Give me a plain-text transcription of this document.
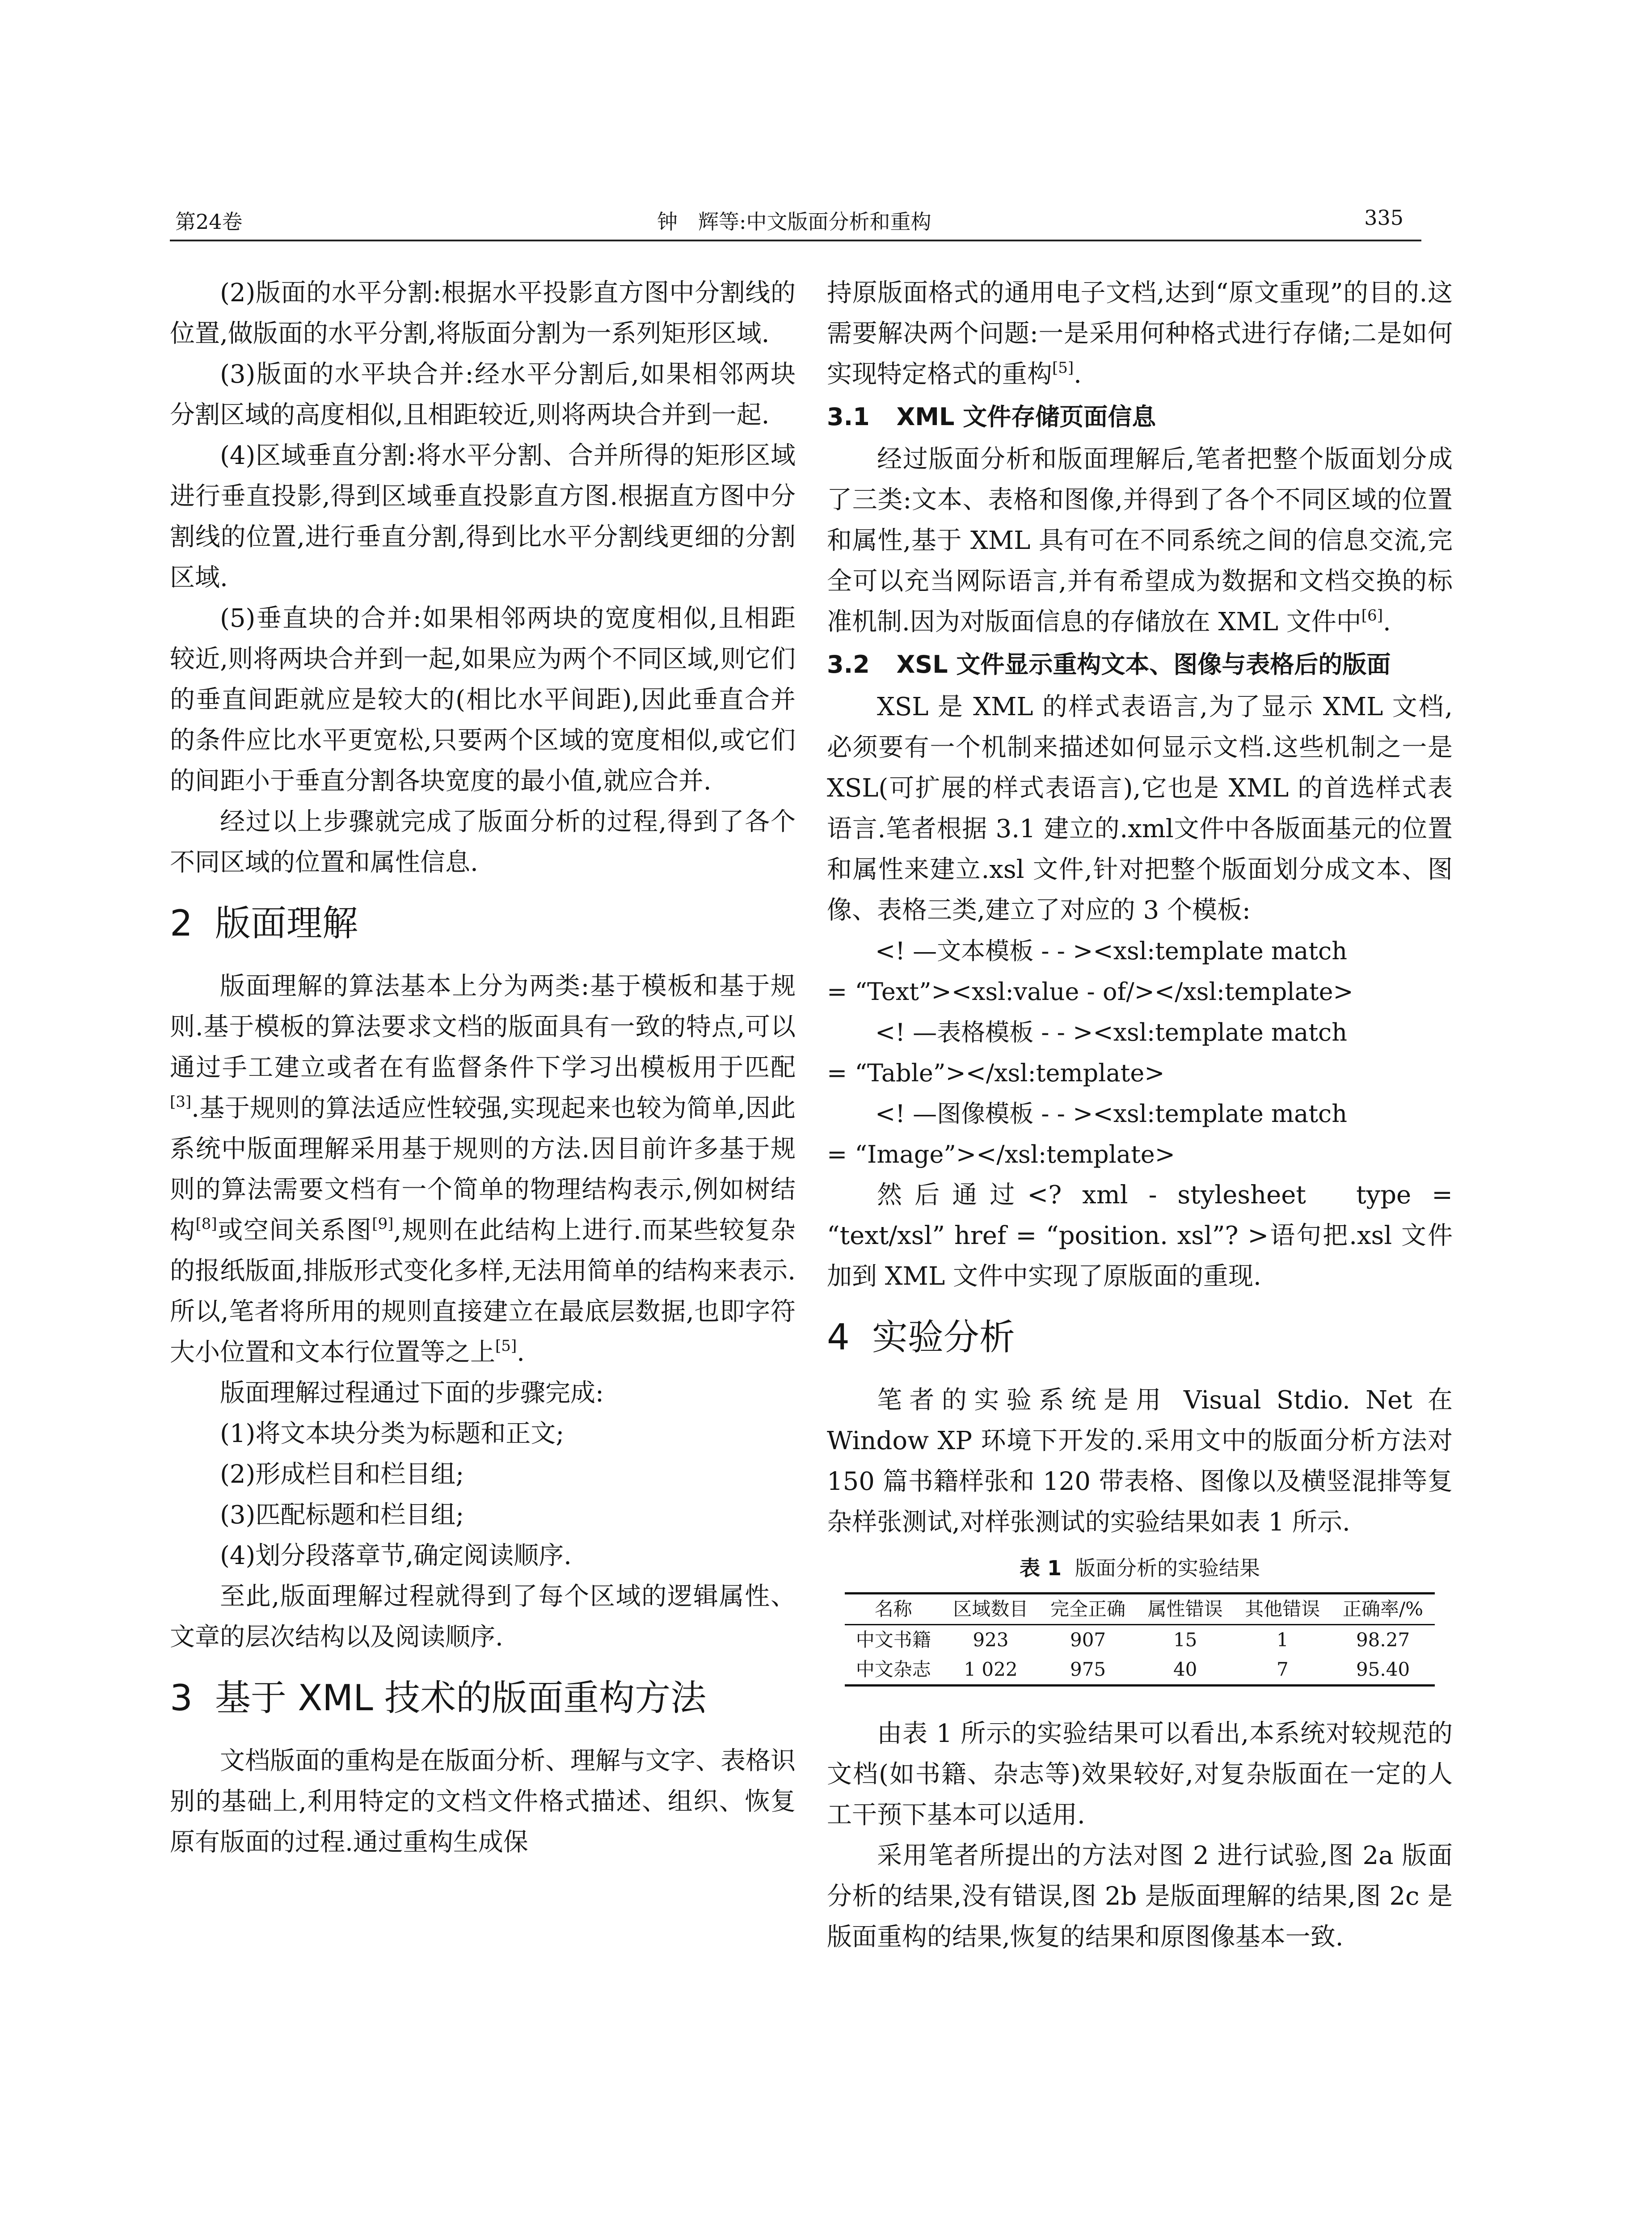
第24卷	钟　辉等:中文版面分析和重构	335

(2)版面的水平分割:根据水平投影直方图中分割线的位置,做版面的水平分割,将版面分割为一系列矩形区域.

(3)版面的水平块合并:经水平分割后,如果相邻两块分割区域的高度相似,且相距较近,则将两块合并到一起.

(4)区域垂直分割:将水平分割、合并所得的矩形区域进行垂直投影,得到区域垂直投影直方图.根据直方图中分割线的位置,进行垂直分割,得到比水平分割线更细的分割区域.

(5)垂直块的合并:如果相邻两块的宽度相似,且相距较近,则将两块合并到一起,如果应为两个不同区域,则它们的垂直间距就应是较大的(相比水平间距),因此垂直合并的条件应比水平更宽松,只要两个区域的宽度相似,或它们的间距小于垂直分割各块宽度的最小值,就应合并.

经过以上步骤就完成了版面分析的过程,得到了各个不同区域的位置和属性信息.

2 版面理解

版面理解的算法基本上分为两类:基于模板和基于规则.基于模板的算法要求文档的版面具有一致的特点,可以通过手工建立或者在有监督条件下学习出模板用于匹配[3].基于规则的算法适应性较强,实现起来也较为简单,因此系统中版面理解采用基于规则的方法.因目前许多基于规则的算法需要文档有一个简单的物理结构表示,例如树结构[8]或空间关系图[9],规则在此结构上进行.而某些较复杂的报纸版面,排版形式变化多样,无法用简单的结构来表示.所以,笔者将所用的规则直接建立在最底层数据,也即字符大小位置和文本行位置等之上[5].

版面理解过程通过下面的步骤完成:

(1)将文本块分类为标题和正文;

(2)形成栏目和栏目组;

(3)匹配标题和栏目组;

(4)划分段落章节,确定阅读顺序.

至此,版面理解过程就得到了每个区域的逻辑属性、文章的层次结构以及阅读顺序.

3 基于 XML 技术的版面重构方法

文档版面的重构是在版面分析、理解与文字、表格识别的基础上,利用特定的文档文件格式描述、组织、恢复原有版面的过程.通过重构生成保

持原版面格式的通用电子文档,达到“原文重现”的目的.这需要解决两个问题:一是采用何种格式进行存储;二是如何实现特定格式的重构[5].

3.1 XML 文件存储页面信息

经过版面分析和版面理解后,笔者把整个版面划分成了三类:文本、表格和图像,并得到了各个不同区域的位置和属性,基于 XML 具有可在不同系统之间的信息交流,完全可以充当网际语言,并有希望成为数据和文档交换的标准机制.因为对版面信息的存储放在 XML 文件中[6].

3.2 XSL 文件显示重构文本、图像与表格后的版面

XSL 是 XML 的样式表语言,为了显示 XML 文档,必须要有一个机制来描述如何显示文档.这些机制之一是 XSL(可扩展的样式表语言),它也是 XML 的首选样式表语言.笔者根据 3.1 建立的.xml文件中各版面基元的位置和属性来建立.xsl 文件,针对把整个版面划分成文本、图像、表格三类,建立了对应的 3 个模板:

<! —文本模板 - - ><xsl:template match

= “Text”><xsl:value - of/></xsl:template>

<! —表格模板 - - ><xsl:template match

= “Table”></xsl:template>

<! —图像模板 - - ><xsl:template match

= “Image”></xsl:template>

然后通过<? xml - stylesheet　type = “text/xsl” href = “position. xsl”? >语句把.xsl 文件加到 XML 文件中实现了原版面的重现.

4 实验分析

笔者的实验系统是用 Visual Stdio. Net 在 Window XP 环境下开发的.采用文中的版面分析方法对 150 篇书籍样张和 120 带表格、图像以及横竖混排等复杂样张测试,对样张测试的实验结果如表 1 所示.

表 1 版面分析的实验结果
名称	区域数目	完全正确	属性错误	其他错误	正确率/%
中文书籍	923	907	15	1	98.27
中文杂志	1 022	975	40	7	95.40

由表 1 所示的实验结果可以看出,本系统对较规范的文档(如书籍、杂志等)效果较好,对复杂版面在一定的人工干预下基本可以适用.

采用笔者所提出的方法对图 2 进行试验,图 2a 版面分析的结果,没有错误,图 2b 是版面理解的结果,图 2c 是版面重构的结果,恢复的结果和原图像基本一致.
